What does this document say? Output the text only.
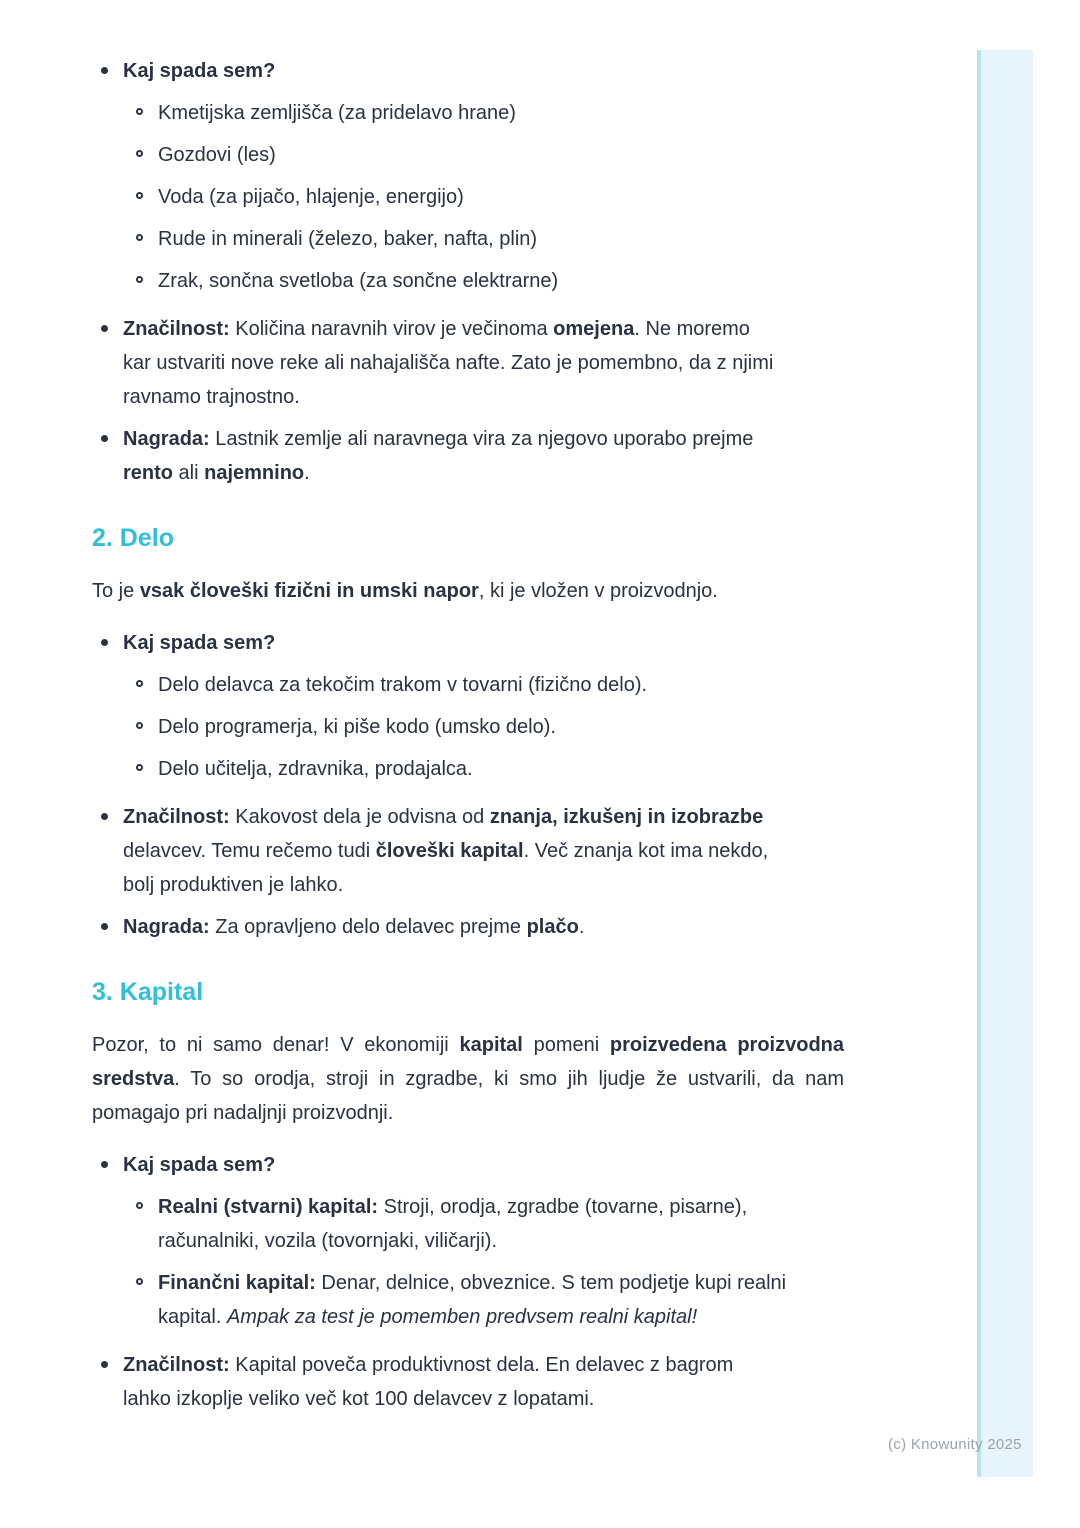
Kaj spada sem?
Kmetijska zemljišča (za pridelavo hrane)
Gozdovi (les)
Voda (za pijačo, hlajenje, energijo)
Rude in minerali (železo, baker, nafta, plin)
Zrak, sončna svetloba (za sončne elektrarne)
Značilnost: Količina naravnih virov je večinoma omejena. Ne moremo kar ustvariti nove reke ali nahajališča nafte. Zato je pomembno, da z njimi ravnamo trajnostno.
Nagrada: Lastnik zemlje ali naravnega vira za njegovo uporabo prejme rento ali najemnino.
2. Delo

To je vsak človeški fizični in umski napor, ki je vložen v proizvodnjo.

Kaj spada sem?
Delo delavca za tekočim trakom v tovarni (fizično delo).
Delo programerja, ki piše kodo (umsko delo).
Delo učitelja, zdravnika, prodajalca.
Značilnost: Kakovost dela je odvisna od znanja, izkušenj in izobrazbe delavcev. Temu rečemo tudi človeški kapital. Več znanja kot ima nekdo, bolj produktiven je lahko.
Nagrada: Za opravljeno delo delavec prejme plačo.
3. Kapital

Pozor, to ni samo denar! V ekonomiji kapital pomeni proizvedena proizvodna sredstva. To so orodja, stroji in zgradbe, ki smo jih ljudje že ustvarili, da nam pomagajo pri nadaljnji proizvodnji.

Kaj spada sem?
Realni (stvarni) kapital: Stroji, orodja, zgradbe (tovarne, pisarne), računalniki, vozila (tovornjaki, viličarji).
Finančni kapital: Denar, delnice, obveznice. S tem podjetje kupi realni kapital. Ampak za test je pomemben predvsem realni kapital!
Značilnost: Kapital poveča produktivnost dela. En delavec z bagrom lahko izkoplje veliko več kot 100 delavcev z lopatami.
(c) Knowunity 2025
